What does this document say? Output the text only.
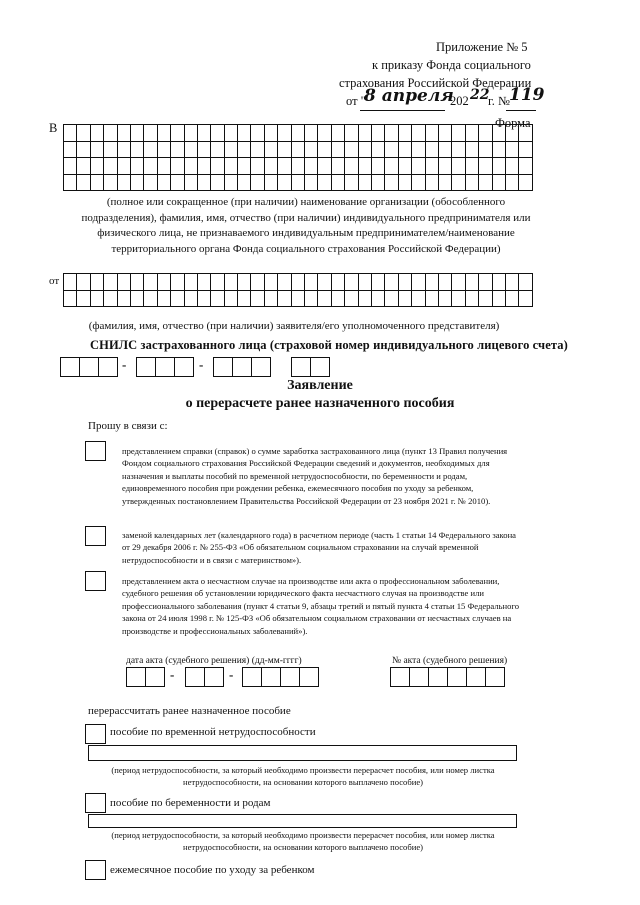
Приложение № 5
к приказу Фонда социального
страхования Российской Федерации
от "
8 апреля
202 22
г. № 119
Форма
В
(полное или сокращенное (при наличии) наименование организации (обособленного подразделения), фамилия, имя, отчество (при наличии) индивидуального предпринимателя или физического лица, не признаваемого индивидуальным предпринимателем/наименование территориального органа Фонда социального страхования Российской Федерации)
от
(фамилия, имя, отчество (при наличии) заявителя/его уполномоченного представителя)
СНИЛС застрахованного лица (страховой номер индивидуального лицевого счета)
-	-
Заявление
о перерасчете ранее назначенного пособия
Прошу в связи с:
представлением справки (справок) о сумме заработка застрахованного лица (пункт 13 Правил получения Фондом социального страхования Российской Федерации сведений и документов, необходимых для назначения и выплаты пособий по временной нетрудоспособности, по беременности и родам, единовременного пособия при рождении ребенка, ежемесячного пособия по уходу за ребенком, утвержденных постановлением Правительства Российской Федерации от 23 ноября 2021 г. № 2010).
заменой календарных лет (календарного года) в расчетном периоде (часть 1 статьи 14 Федерального закона от 29 декабря 2006 г. № 255-ФЗ «Об обязательном социальном страховании на случай временной нетрудоспособности и в связи с материнством»).
представлением акта о несчастном случае на производстве или акта о профессиональном заболевании, судебного решения об установлении юридического факта несчастного случая на производстве или профессионального заболевания (пункт 4 статьи 9, абзацы третий и пятый пункта 4 статьи 15 Федерального закона от 24 июля 1998 г. № 125-ФЗ «Об обязательном социальном страховании от несчастных случаев на производстве и профессиональных заболеваний»).
дата акта (судебного решения) (дд-мм-гггг)	№ акта (судебного решения)
-	-
перерассчитать ранее назначенное пособие
пособие по временной нетрудоспособности
(период нетрудоспособности, за который необходимо произвести перерасчет пособия, или номер листка нетрудоспособности, на основании которого выплачено пособие)
пособие по беременности и родам
(период нетрудоспособности, за который необходимо произвести перерасчет пособия, или номер листка нетрудоспособности, на основании которого выплачено пособие)
ежемесячное пособие по уходу за ребенком
